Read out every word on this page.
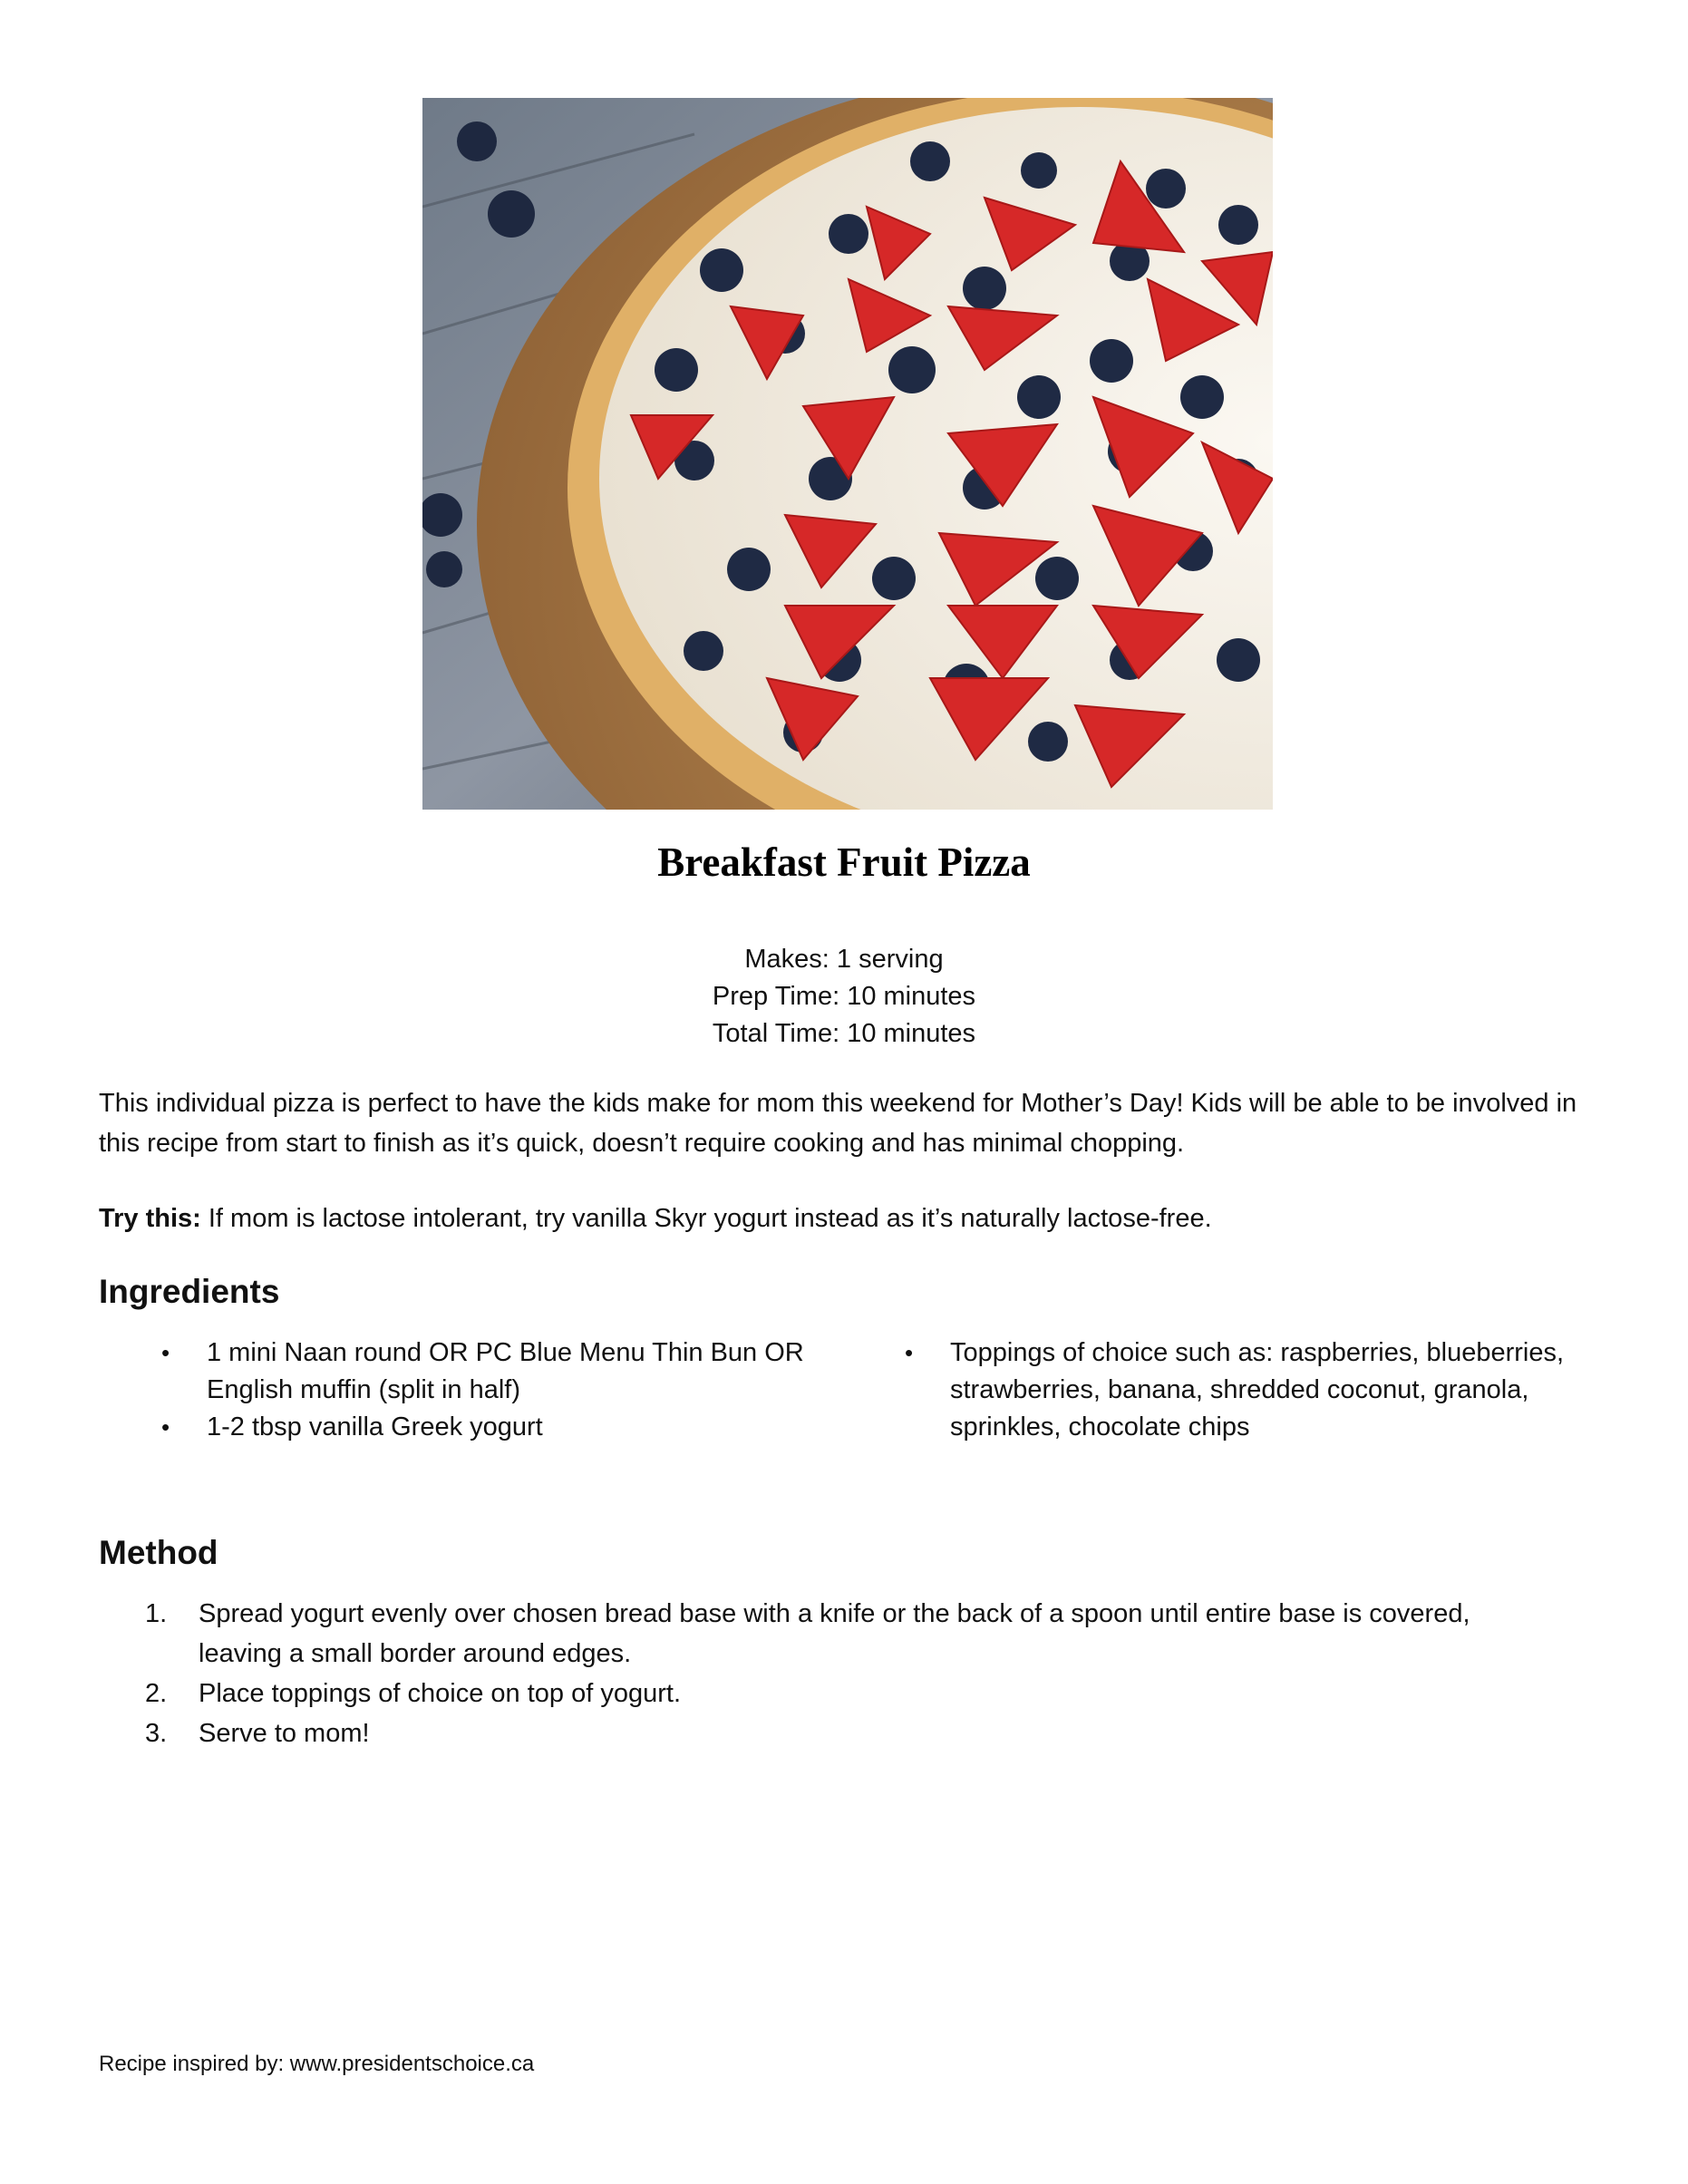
Breakfast Fruit Pizza
Makes: 1 serving
Prep Time: 10 minutes
Total Time: 10 minutes
This individual pizza is perfect to have the kids make for mom this weekend for Mother’s Day! Kids will be able to be involved in this recipe from start to finish as it’s quick, doesn’t require cooking and has minimal chopping.
Try this: If mom is lactose intolerant, try vanilla Skyr yogurt instead as it’s naturally lactose-free.
Ingredients
• 1 mini Naan round OR PC Blue Menu Thin Bun OR English muffin (split in half)
• 1-2 tbsp vanilla Greek yogurt
• Toppings of choice such as: raspberries, blueberries, strawberries, banana, shredded coconut, granola, sprinkles, chocolate chips
Method
1. Spread yogurt evenly over chosen bread base with a knife or the back of a spoon until entire base is covered, leaving a small border around edges.
2. Place toppings of choice on top of yogurt.
3. Serve to mom!
Recipe inspired by: www.presidentschoice.ca
